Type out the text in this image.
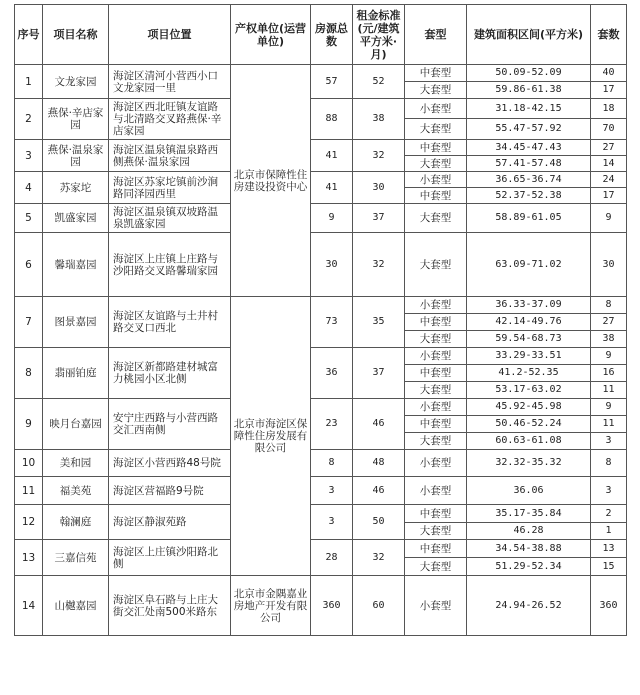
序号	项目名称	项目位置	产权单位(运营单位)	房源总数	租金标准(元/建筑平方米·月)	套型	建筑面积区间(平方米)	套数
1	文龙家园	海淀区清河小营西小口文龙家园一里	北京市保障性住房建设投资中心	57	52	中套型	50.09-52.09	40
						大套型	59.86-61.38	17
2	燕保·辛店家园	海淀区西北旺镇友谊路与北清路交叉路燕保·辛店家园		88	38	小套型	31.18-42.15	18
						大套型	55.47-57.92	70
3	燕保·温泉家园	海淀区温泉镇温泉路西侧燕保·温泉家园		41	32	中套型	34.45-47.43	27
						大套型	57.41-57.48	14
4	苏家坨	海淀区苏家坨镇前沙涧路同泽园西里		41	30	小套型	36.65-36.74	24
						中套型	52.37-52.38	17
5	凯盛家园	海淀区温泉镇双坡路温泉凯盛家园		9	37	大套型	58.89-61.05	9
6	馨瑞嘉园	海淀区上庄镇上庄路与沙阳路交叉路馨瑞家园		30	32	大套型	63.09-71.02	30
7	图景嘉园	海淀区友谊路与土井村路交叉口西北	北京市海淀区保障性住房发展有限公司	73	35	小套型	36.33-37.09	8
						中套型	42.14-49.76	27
						大套型	59.54-68.73	38
8	翡丽铂庭	海淀区新都路建材城富力桃园小区北侧		36	37	小套型	33.29-33.51	9
						中套型	41.2-52.35	16
						大套型	53.17-63.02	11
9	映月台嘉园	安宁庄西路与小营西路交汇西南侧		23	46	小套型	45.92-45.98	9
						中套型	50.46-52.24	11
						大套型	60.63-61.08	3
10	美和园	海淀区小营西路48号院		8	48	小套型	32.32-35.32	8
11	福美苑	海淀区营福路9号院		3	46	小套型	36.06	3
12	翰澜庭	海淀区静淑苑路		3	50	中套型	35.17-35.84	2
						大套型	46.28	1
13	三嘉信苑	海淀区上庄镇沙阳路北侧		28	32	中套型	34.54-38.88	13
						大套型	51.29-52.34	15
14	山樾嘉园	海淀区阜石路与上庄大街交汇处南500米路东	北京市金隅嘉业房地产开发有限公司	360	60	小套型	24.94-26.52	360
